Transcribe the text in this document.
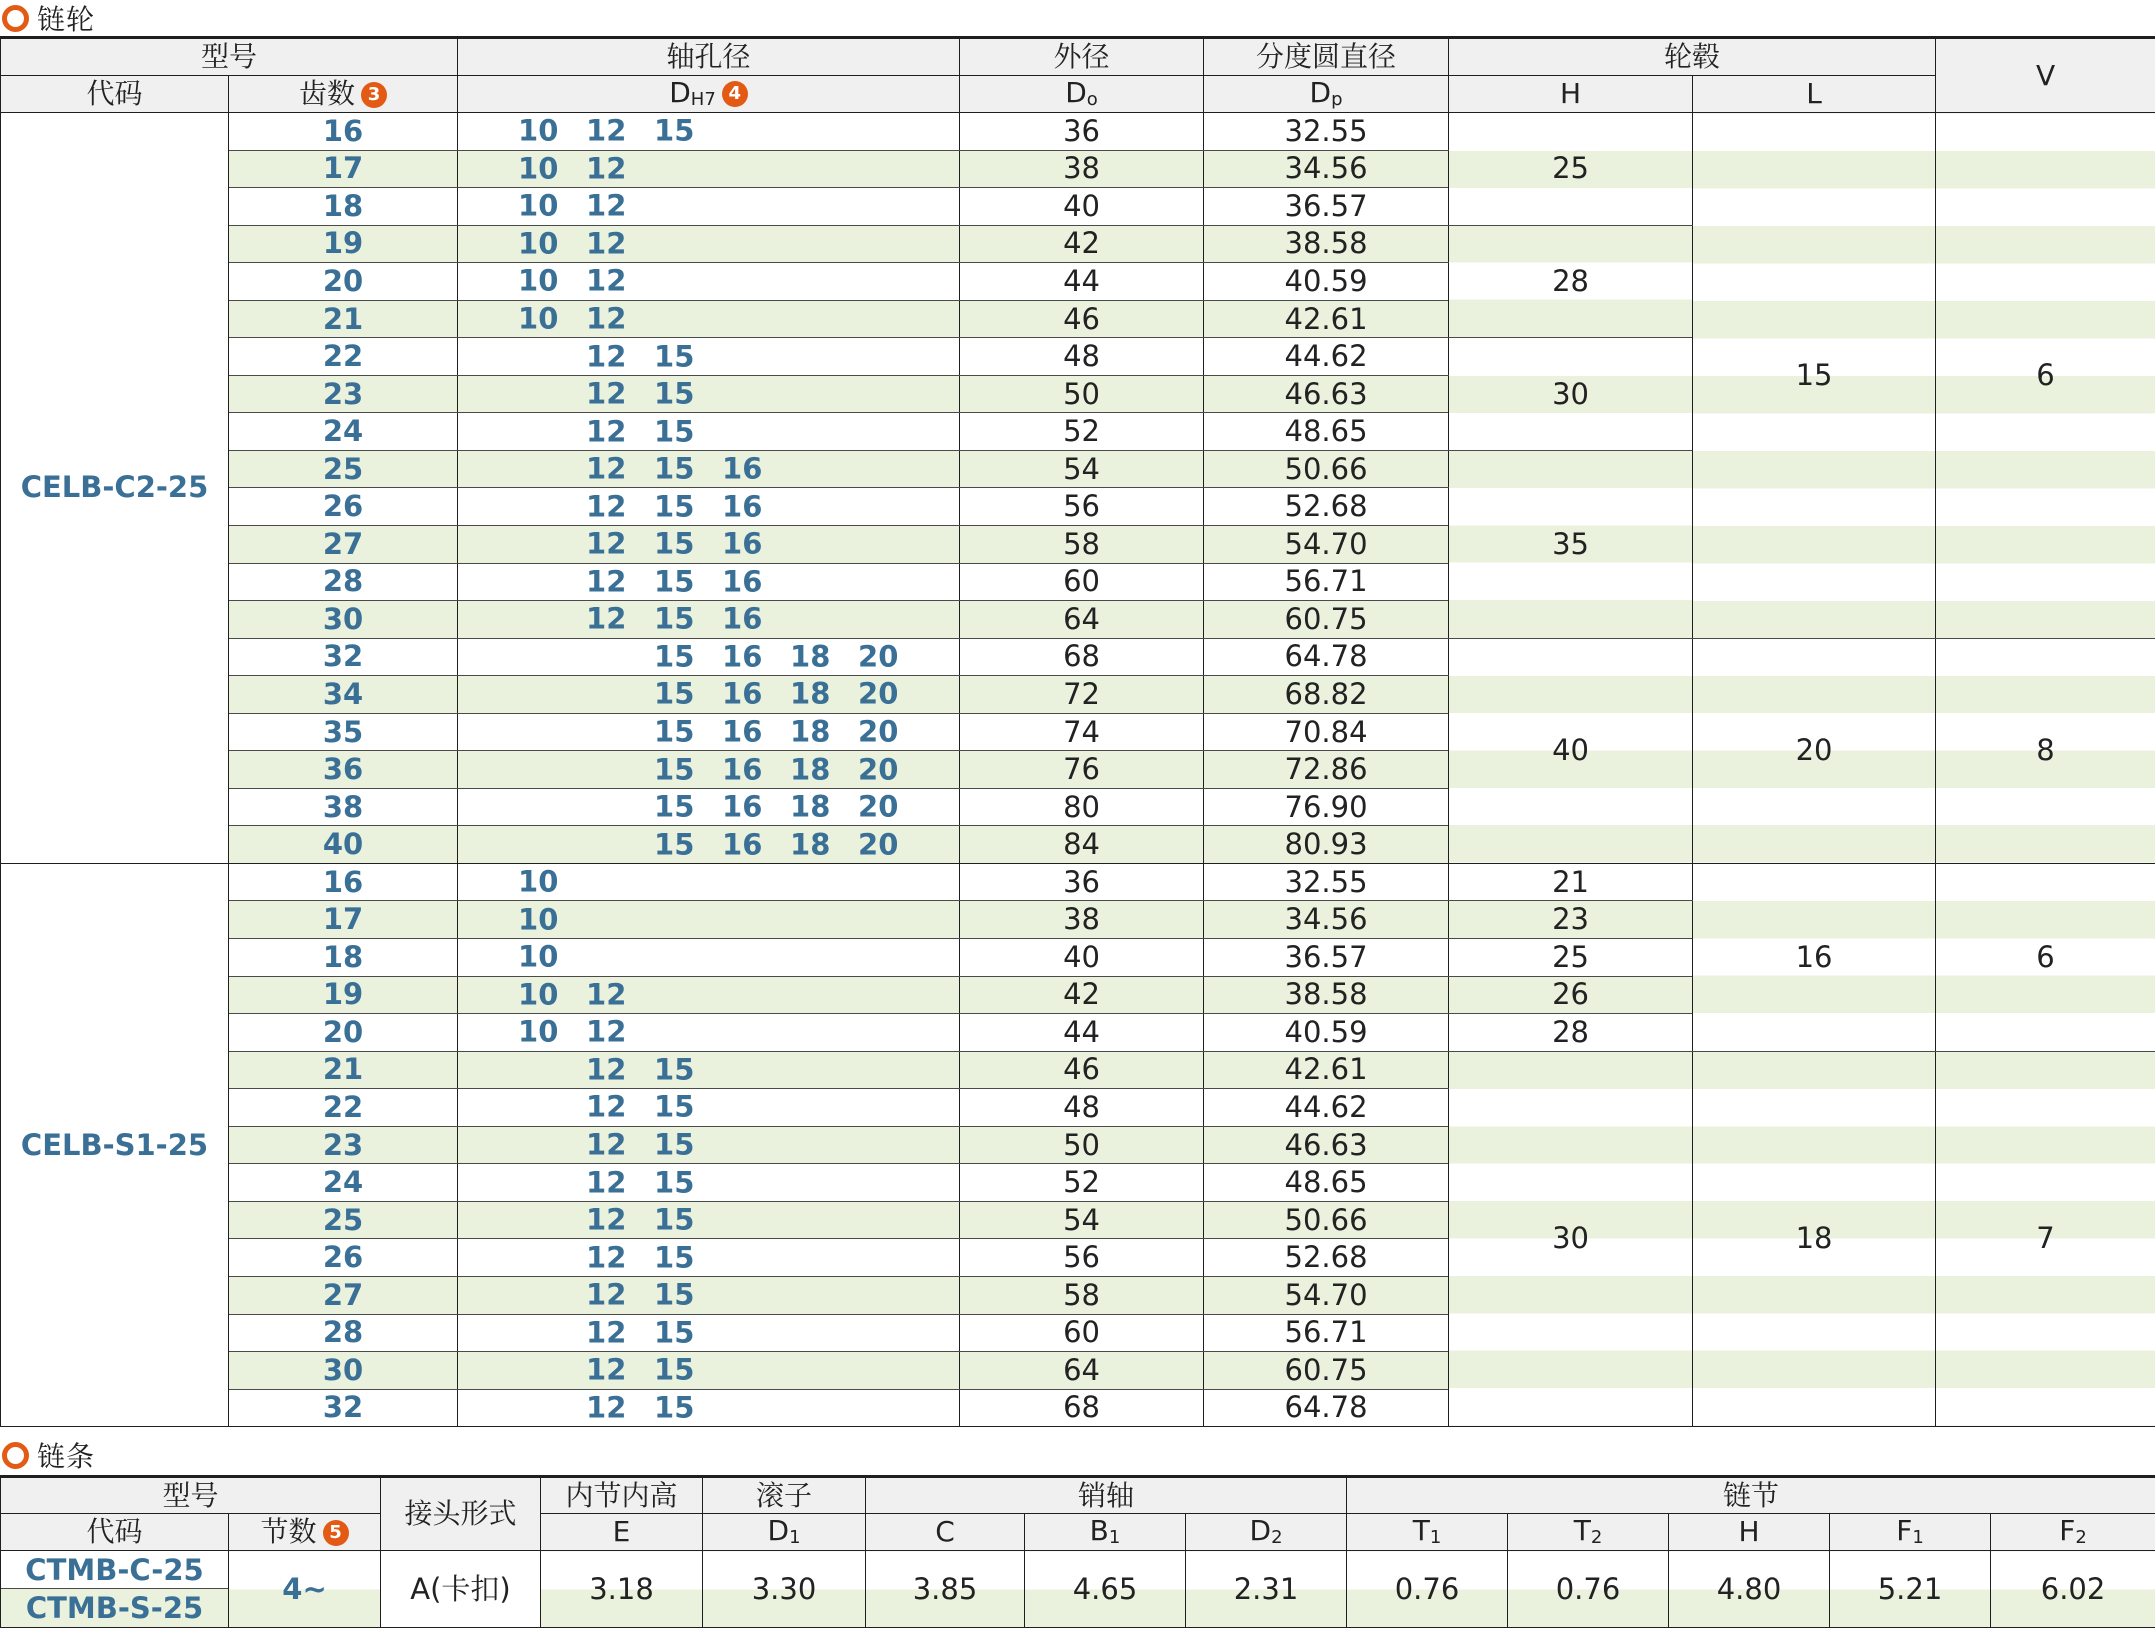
链轮
型号		轴孔径	外径	分度圆直径	轮毂		V
代码	齿数 3	DH7 4	Do	Dp	H	L	
CELB-C2-25	16	10 12 15	36	32.55	25	15	6
	17	10 12	38	34.56			
	18	10 12	40	36.57			
	19	10 12	42	38.58	28		
	20	10 12	44	40.59			
	21	10 12	46	42.61			
	22	12 15	48	44.62	30		
	23	12 15	50	46.63			
	24	12 15	52	48.65			
	25	12 15 16	54	50.66	35		
	26	12 15 16	56	52.68			
	27	12 15 16	58	54.70			
	28	12 15 16	60	56.71			
	30	12 15 16	64	60.75			
	32	15 16 18 20	68	64.78	40	20	8
	34	15 16 18 20	72	68.82			
	35	15 16 18 20	74	70.84			
	36	15 16 18 20	76	72.86			
	38	15 16 18 20	80	76.90			
	40	15 16 18 20	84	80.93			
CELB-S1-25	16	10	36	32.55	21	16	6
	17	10	38	34.56	23		
	18	10	40	36.57	25		
	19	10 12	42	38.58	26		
	20	10 12	44	40.59	28		
	21	12 15	46	42.61	30	18	7
	22	12 15	48	44.62			
	23	12 15	50	46.63			
	24	12 15	52	48.65			
	25	12 15	54	50.66			
	26	12 15	56	52.68			
	27	12 15	58	54.70			
	28	12 15	60	56.71			
	30	12 15	64	60.75			
	32	12 15	68	64.78			
链条
型号		接头形式	内节内高	滚子	销轴			链节				
代码	节数 5		E	D1	C	B1	D2	T1	T2	H	F1	F2

CTMB-C-25
CTMB-S-25	4~	A(卡扣)	3.18	3.30	3.85	4.65	2.31	0.76	0.76	4.80	5.21	6.02
